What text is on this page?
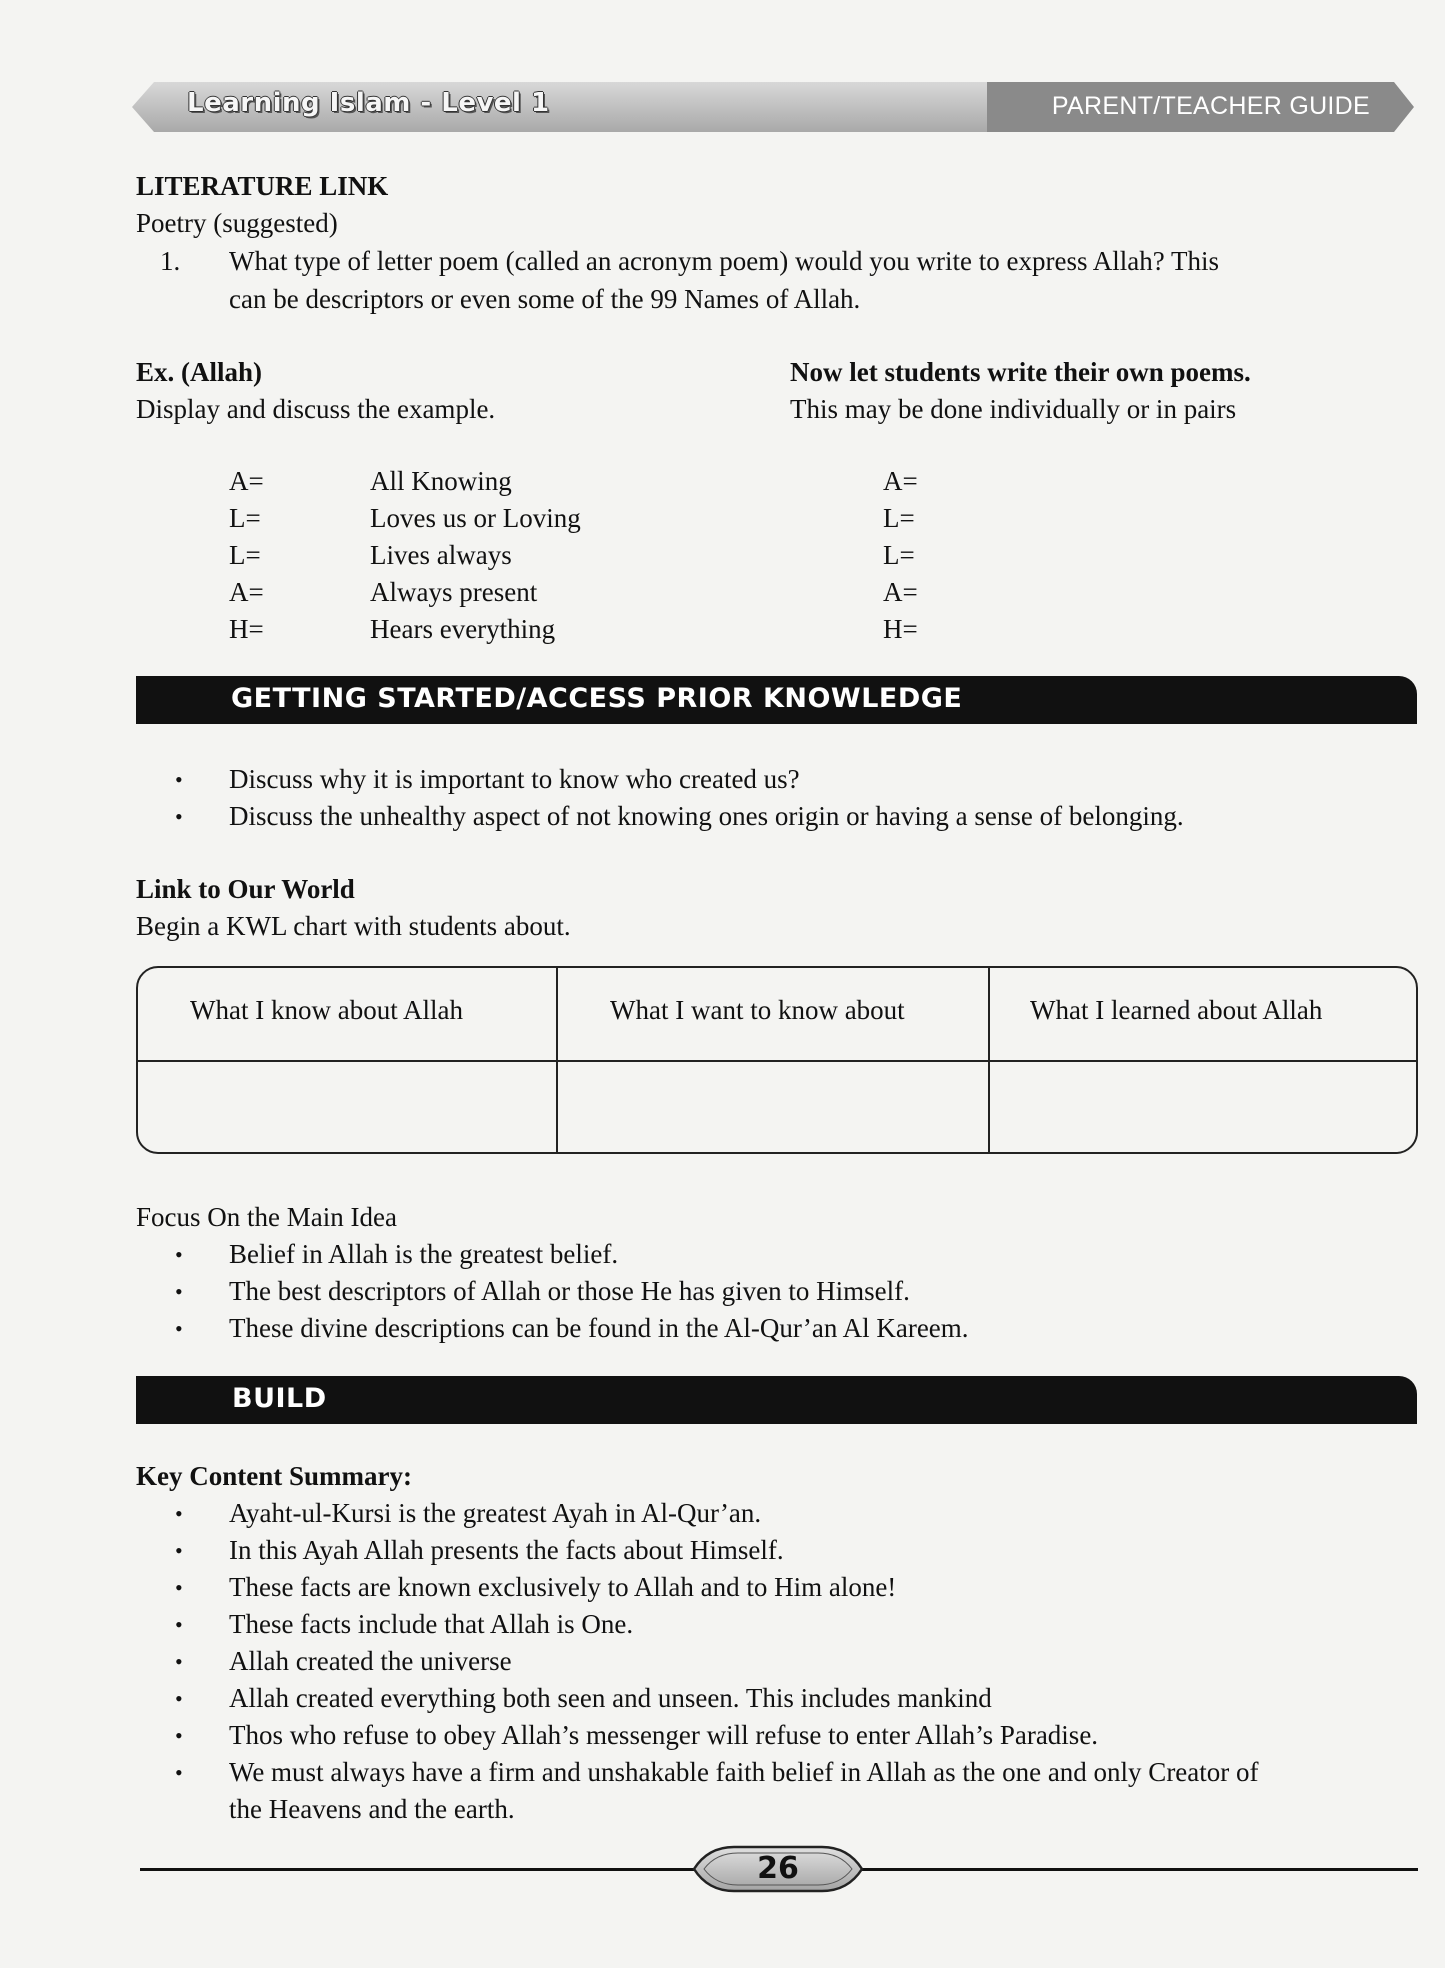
Learning Islam - Level 1	PARENT/TEACHER GUIDE
LITERATURE LINK
Poetry (suggested)
1. What type of letter poem (called an acronym poem) would you write to express Allah? This
can be descriptors or even some of the 99 Names of Allah.
Ex. (Allah)
Display and discuss the example.
Now let students write their own poems.
This may be done individually or in pairs
A=	All Knowing
L=	Loves us or Loving
L=	Lives always
A=	Always present
H=	Hears everything
A=
L=
L=
A=
H=
GETTING STARTED/ACCESS PRIOR KNOWLEDGE
• Discuss why it is important to know who created us?
• Discuss the unhealthy aspect of not knowing ones origin or having a sense of belonging.
Link to Our World
Begin a KWL chart with students about.
What I know about Allah	What I want to know about	What I learned about Allah
Focus On the Main Idea
• Belief in Allah is the greatest belief.
• The best descriptors of Allah or those He has given to Himself.
• These divine descriptions can be found in the Al-Qur’an Al Kareem.
BUILD
Key Content Summary:
• Ayaht-ul-Kursi is the greatest Ayah in Al-Qur’an.
• In this Ayah Allah presents the facts about Himself.
• These facts are known exclusively to Allah and to Him alone!
• These facts include that Allah is One.
• Allah created the universe
• Allah created everything both seen and unseen. This includes mankind
• Thos who refuse to obey Allah’s messenger will refuse to enter Allah’s Paradise.
• We must always have a firm and unshakable faith belief in Allah as the one and only Creator of
the Heavens and the earth.
26
